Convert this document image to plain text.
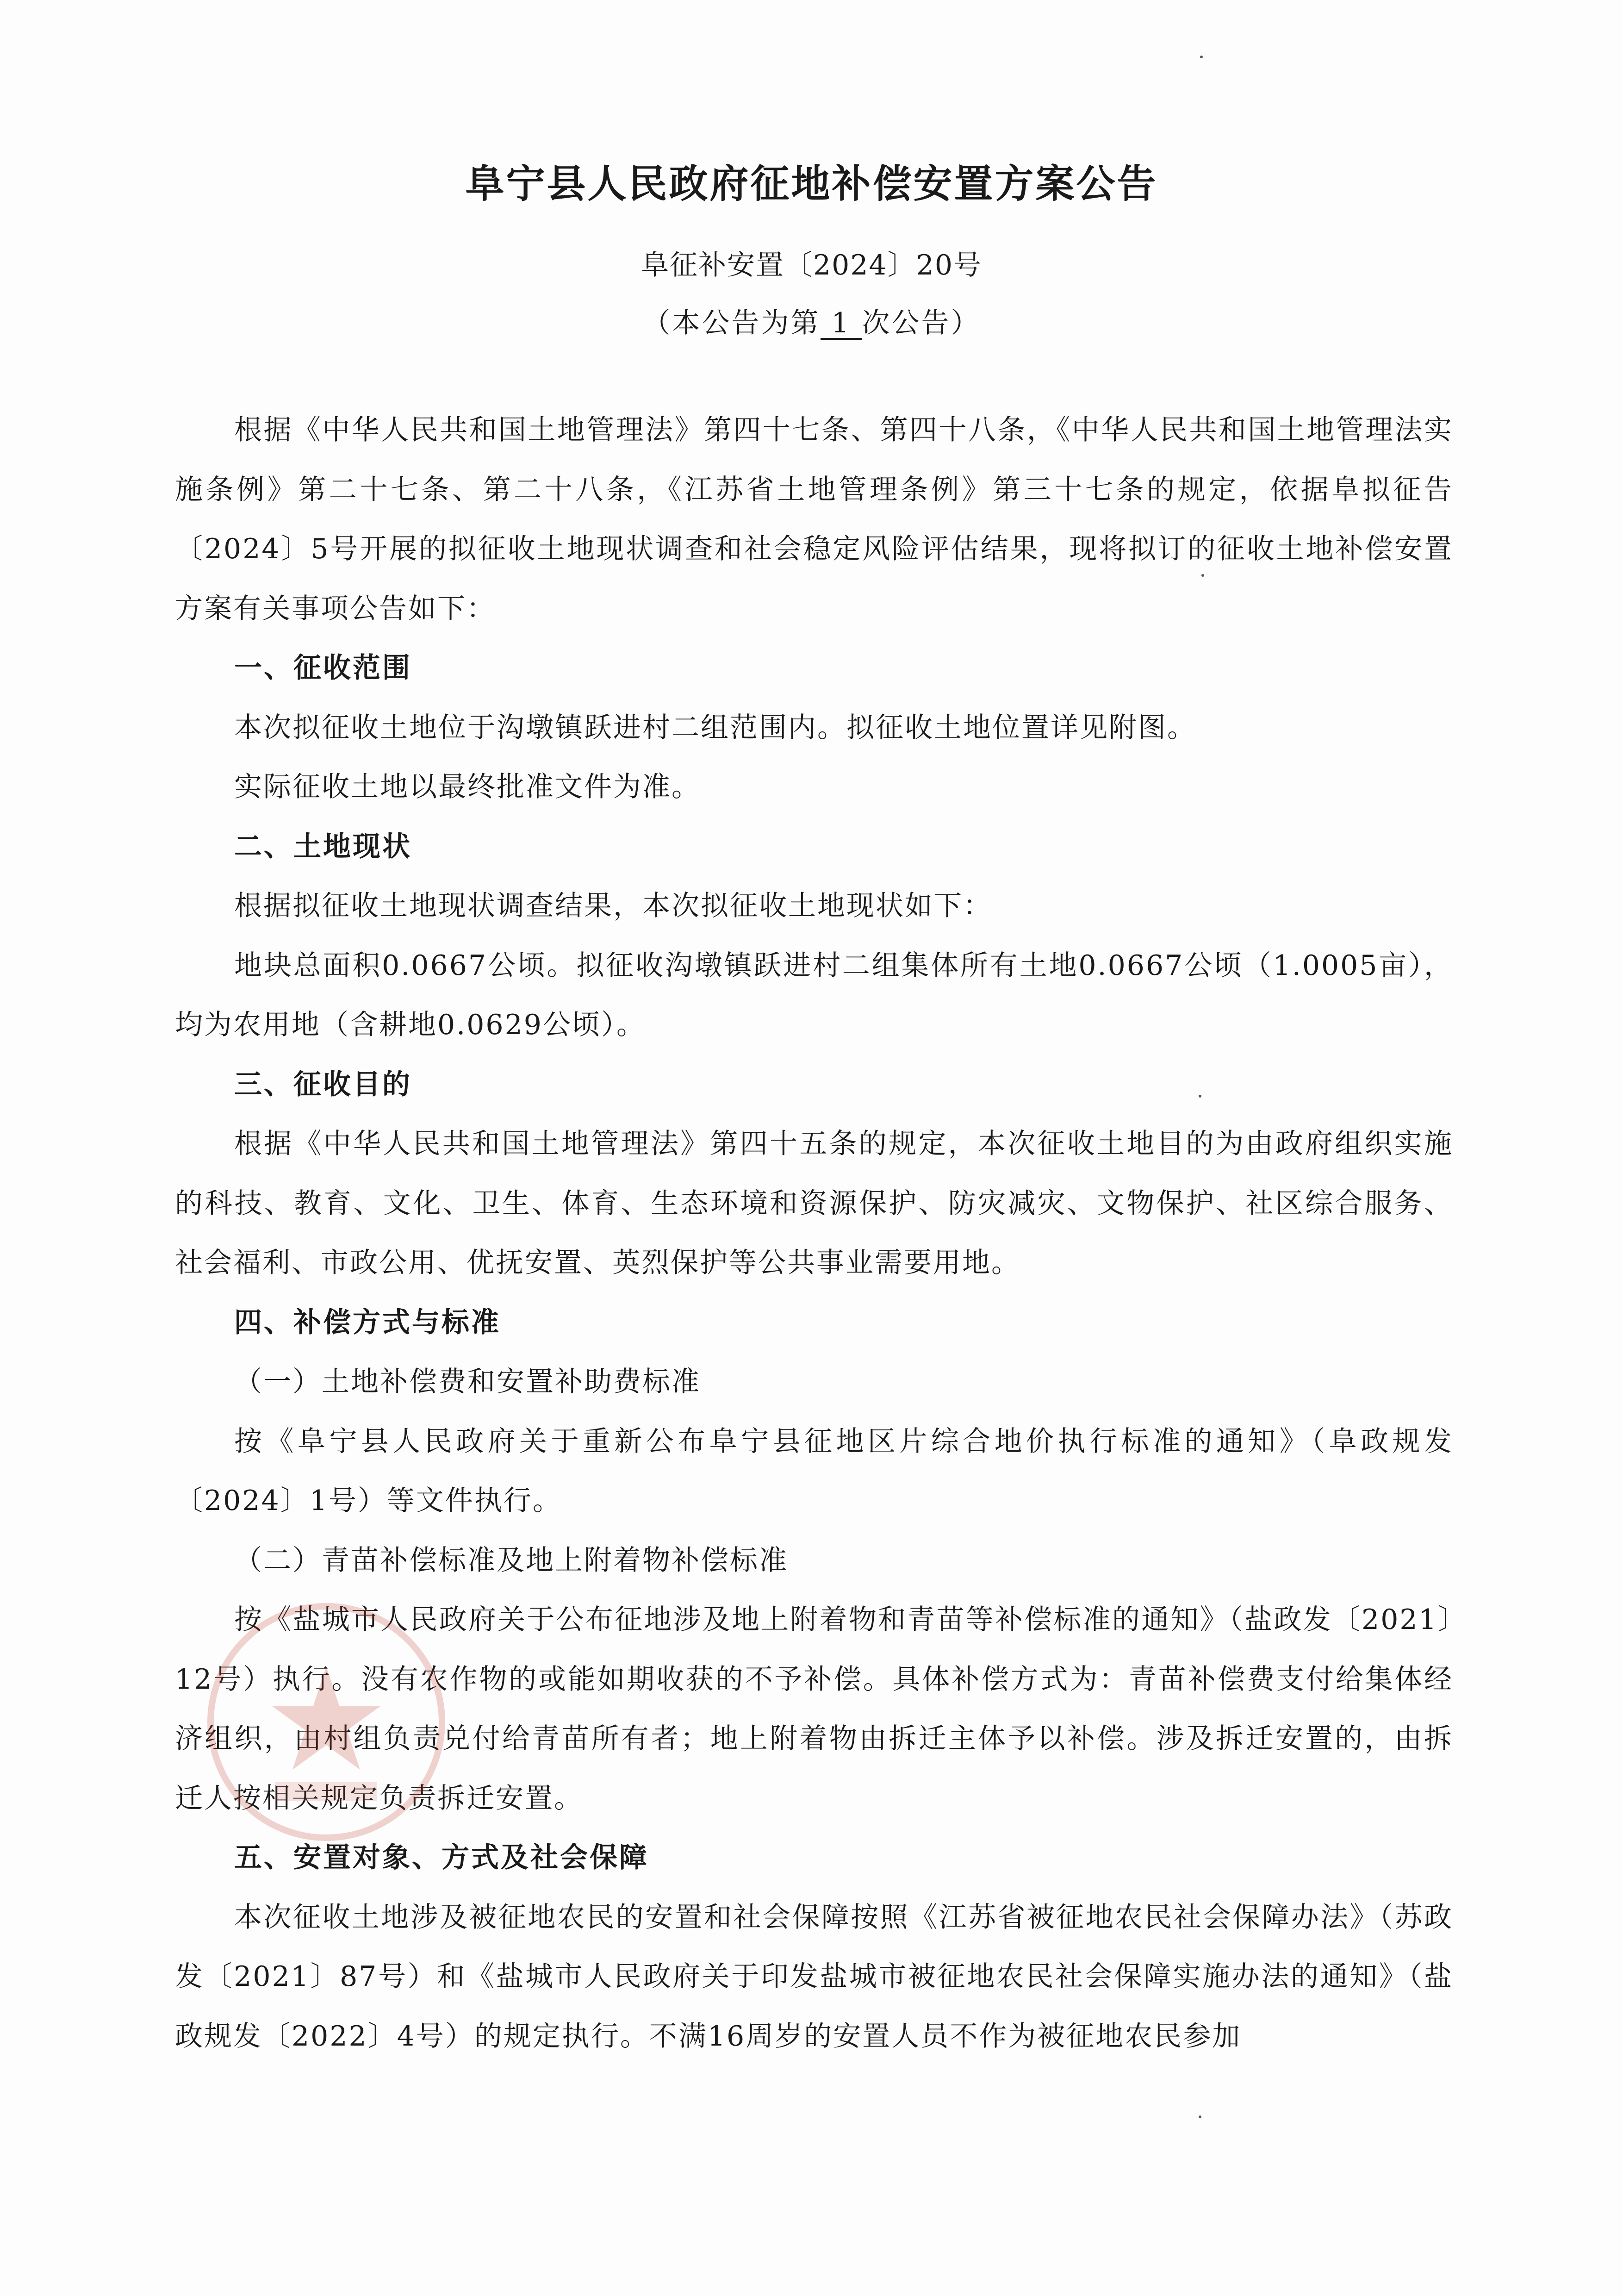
阜宁县人民政府征地补偿安置方案公告
阜征补安置〔2024〕20号
（本公告为第 1 次公告）

根据《中华人民共和国土地管理法》第四十七条、第四十八条，《中华人民共和国土地管理法实施条例》第二十七条、第二十八条，《江苏省土地管理条例》第三十七条的规定，依据阜拟征告〔2024〕5号开展的拟征收土地现状调查和社会稳定风险评估结果，现将拟订的征收土地补偿安置方案有关事项公告如下：

一、征收范围

本次拟征收土地位于沟墩镇跃进村二组范围内。拟征收土地位置详见附图。

实际征收土地以最终批准文件为准。

二、土地现状

根据拟征收土地现状调查结果，本次拟征收土地现状如下：

地块总面积0.0667公顷。拟征收沟墩镇跃进村二组集体所有土地0.0667公顷（1.0005亩），均为农用地（含耕地0.0629公顷）。

三、征收目的

根据《中华人民共和国土地管理法》第四十五条的规定，本次征收土地目的为由政府组织实施的科技、教育、文化、卫生、体育、生态环境和资源保护、防灾减灾、文物保护、社区综合服务、社会福利、市政公用、优抚安置、英烈保护等公共事业需要用地。

四、补偿方式与标准
（一）土地补偿费和安置补助费标准

按《阜宁县人民政府关于重新公布阜宁县征地区片综合地价执行标准的通知》（阜政规发〔2024〕1号）等文件执行。

（二）青苗补偿标准及地上附着物补偿标准

按《盐城市人民政府关于公布征地涉及地上附着物和青苗等补偿标准的通知》（盐政发〔2021〕12号）执行。没有农作物的或能如期收获的不予补偿。具体补偿方式为：青苗补偿费支付给集体经济组织，由村组负责兑付给青苗所有者；地上附着物由拆迁主体予以补偿。涉及拆迁安置的，由拆迁人按相关规定负责拆迁安置。

五、安置对象、方式及社会保障

本次征收土地涉及被征地农民的安置和社会保障按照《江苏省被征地农民社会保障办法》（苏政发〔2021〕87号）和《盐城市人民政府关于印发盐城市被征地农民社会保障实施办法的通知》（盐政规发〔2022〕4号）的规定执行。不满16周岁的安置人员不作为被征地农民参加
